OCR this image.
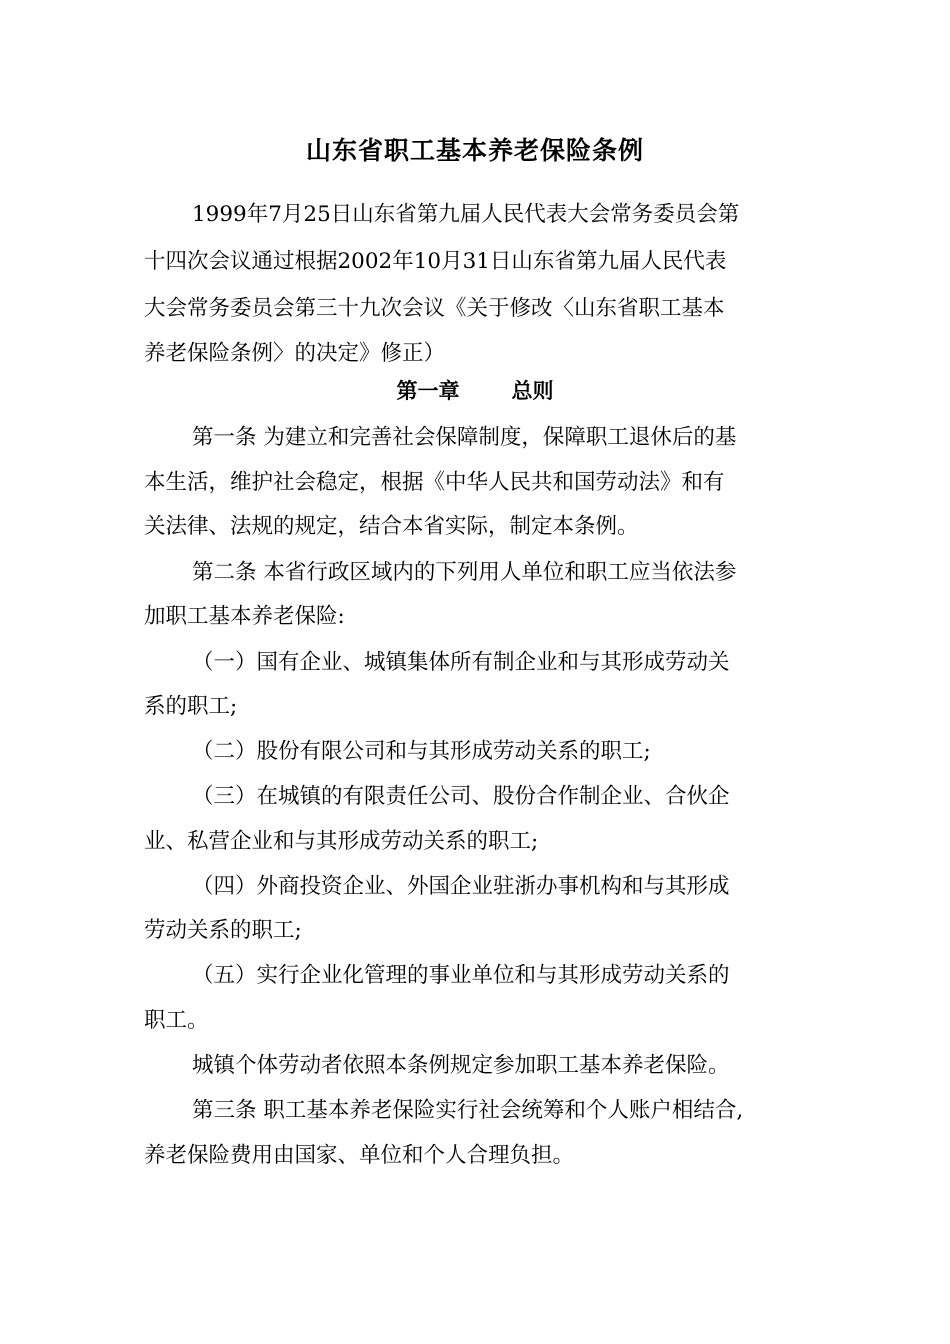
山东省职工基本养老保险条例

1999年7月25日山东省第九届人民代表大会常务委员会第

十四次会议通过根据2002年10月31日山东省第九届人民代表

大会常务委员会第三十九次会议《关于修改〈山东省职工基本

养老保险条例〉的决定》修正）

第一章 总则

第一条 为建立和完善社会保障制度，保障职工退休后的基

本生活，维护社会稳定，根据《中华人民共和国劳动法》和有

关法律、法规的规定，结合本省实际，制定本条例。

第二条 本省行政区域内的下列用人单位和职工应当依法参

加职工基本养老保险:

（一）国有企业、城镇集体所有制企业和与其形成劳动关

系的职工;

（二）股份有限公司和与其形成劳动关系的职工;

（三）在城镇的有限责任公司、股份合作制企业、合伙企

业、私营企业和与其形成劳动关系的职工;

（四）外商投资企业、外国企业驻浙办事机构和与其形成

劳动关系的职工;

（五）实行企业化管理的事业单位和与其形成劳动关系的

职工。

城镇个体劳动者依照本条例规定参加职工基本养老保险。

第三条 职工基本养老保险实行社会统筹和个人账户相结合,

养老保险费用由国家、单位和个人合理负担。
